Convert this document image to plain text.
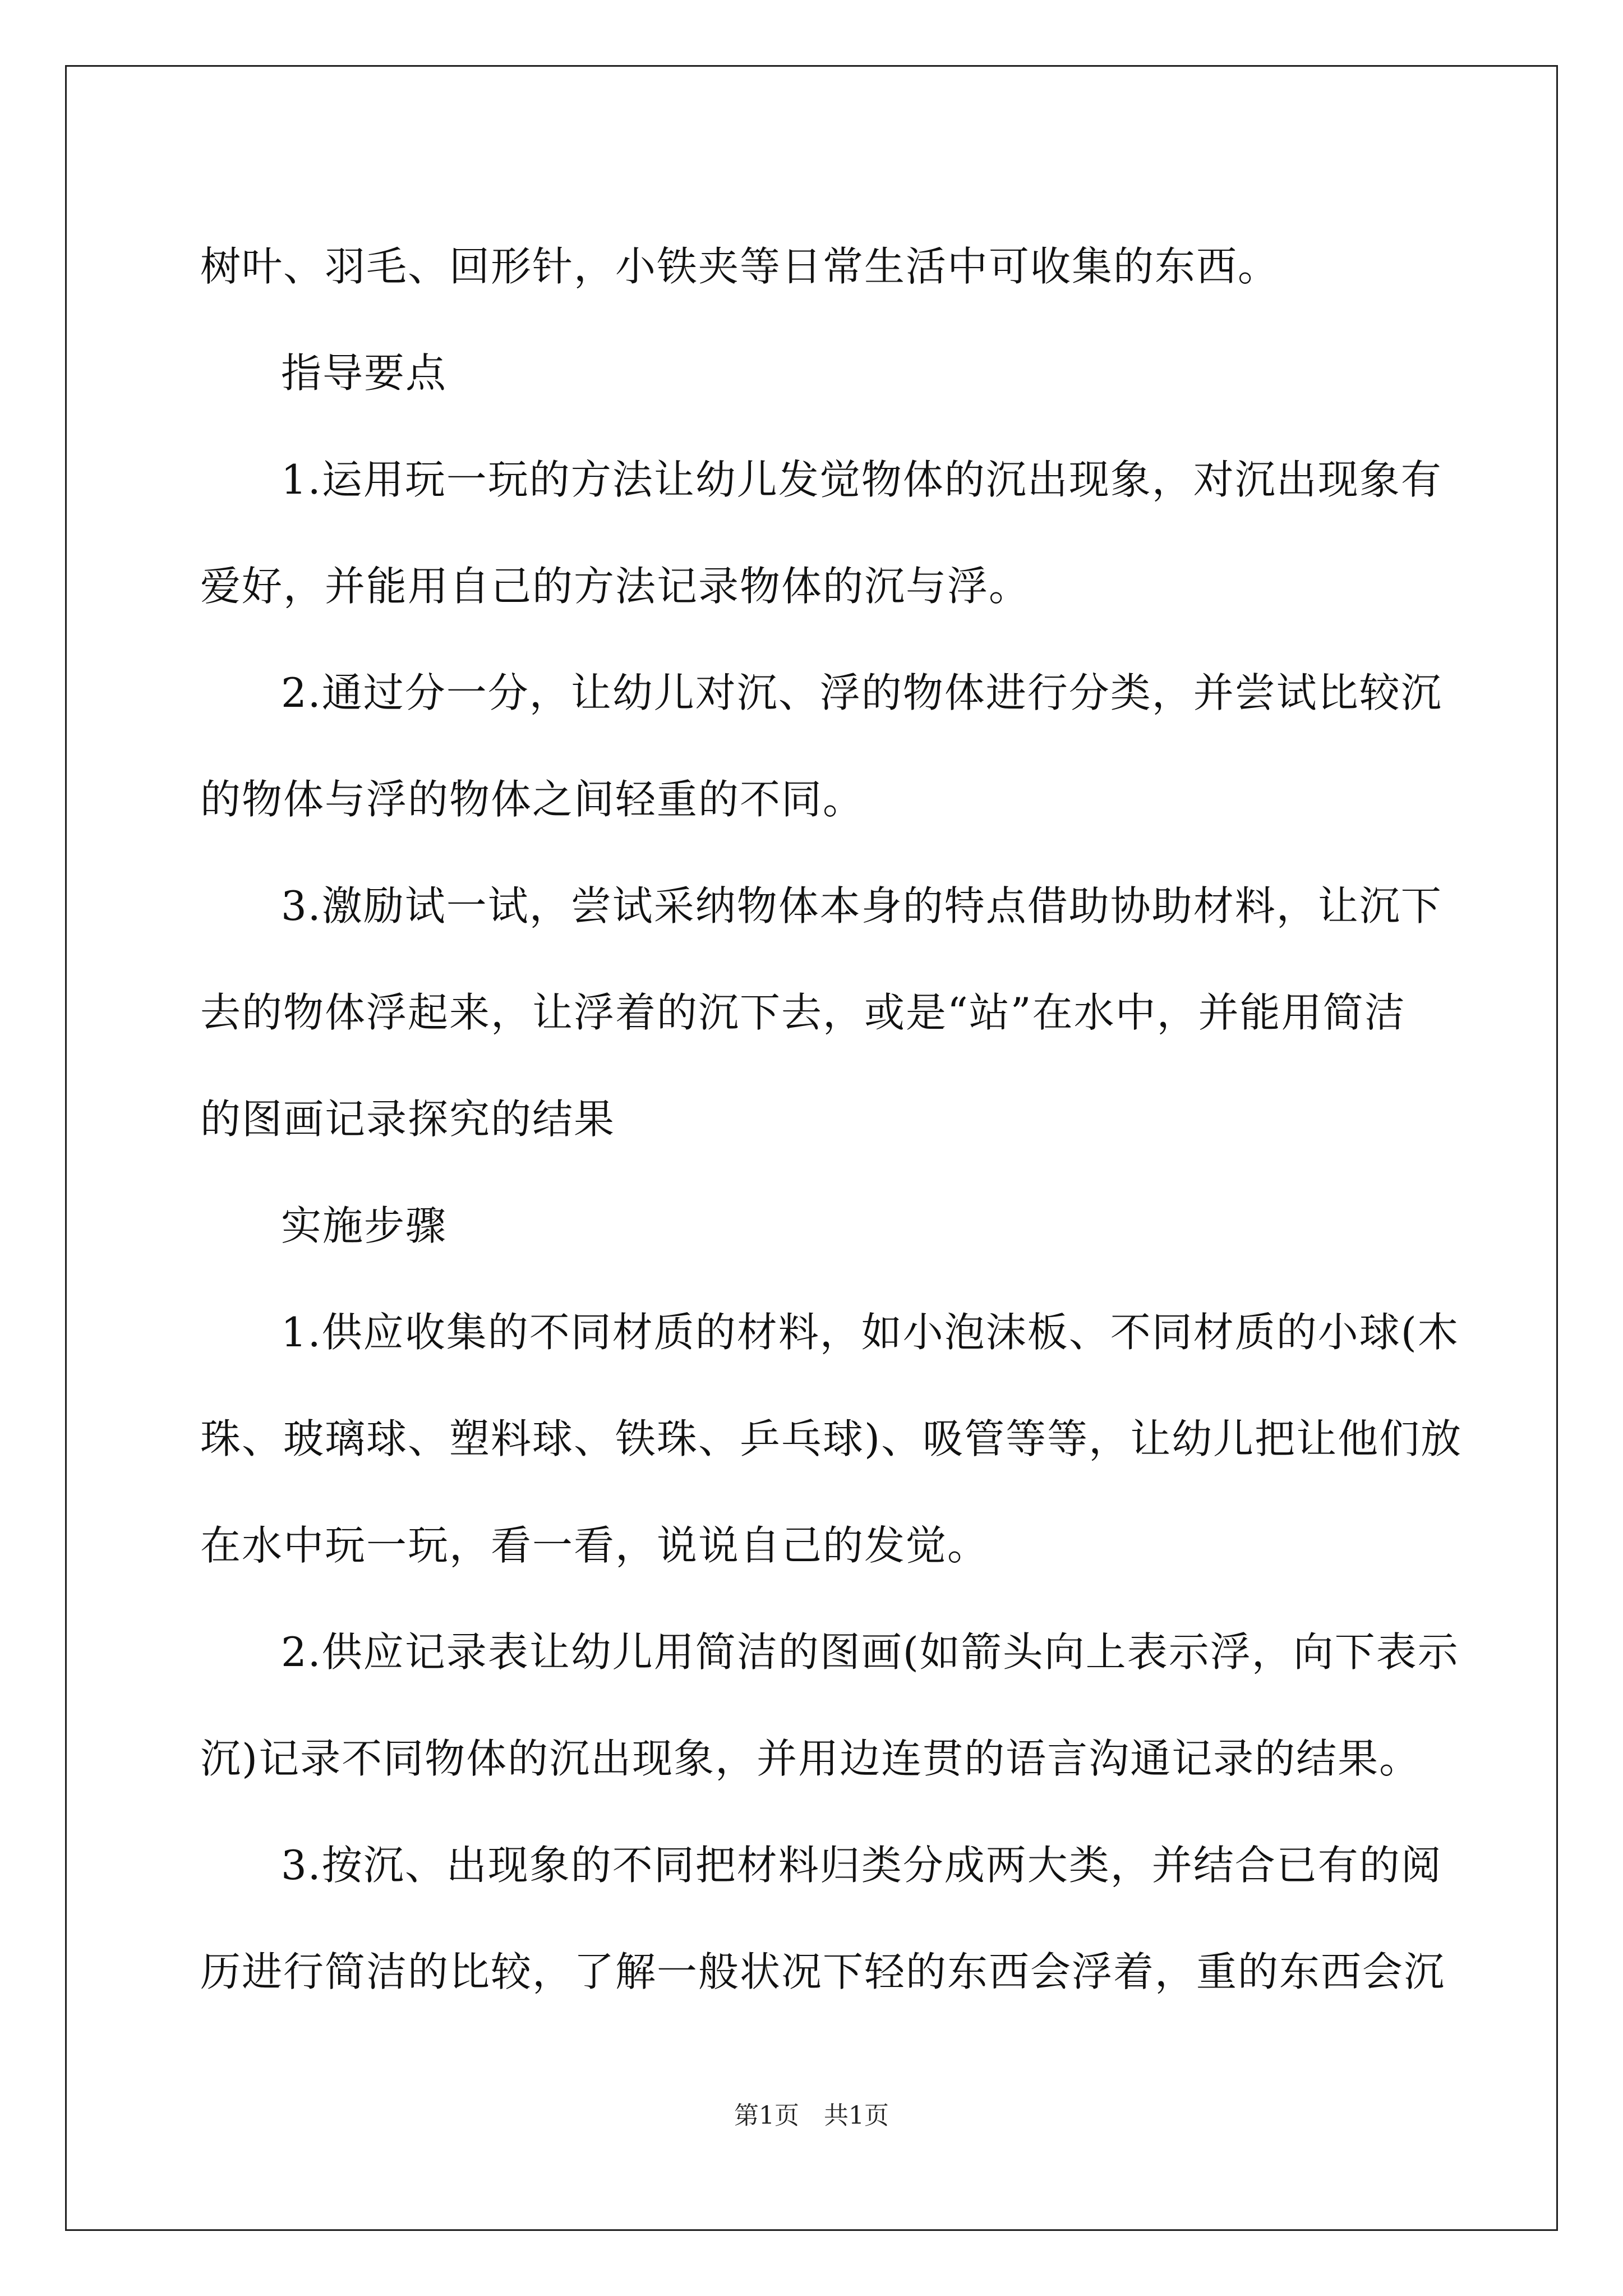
树叶、羽毛、回形针，小铁夹等日常生活中可收集的东西。
指导要点
1.运用玩一玩的方法让幼儿发觉物体的沉出现象，对沉出现象有
爱好，并能用自己的方法记录物体的沉与浮。
2.通过分一分，让幼儿对沉、浮的物体进行分类，并尝试比较沉
的物体与浮的物体之间轻重的不同。
3.激励试一试，尝试采纳物体本身的特点借助协助材料，让沉下
去的物体浮起来，让浮着的沉下去，或是“站”在水中，并能用简洁
的图画记录探究的结果
实施步骤
1.供应收集的不同材质的材料，如小泡沫板、不同材质的小球(木
珠、玻璃球、塑料球、铁珠、乒乓球)、吸管等等，让幼儿把让他们放
在水中玩一玩，看一看，说说自己的发觉。
2.供应记录表让幼儿用简洁的图画(如箭头向上表示浮，向下表示
沉)记录不同物体的沉出现象，并用边连贯的语言沟通记录的结果。
3.按沉、出现象的不同把材料归类分成两大类，并结合已有的阅
历进行简洁的比较，了解一般状况下轻的东西会浮着，重的东西会沉
第1页 共1页
